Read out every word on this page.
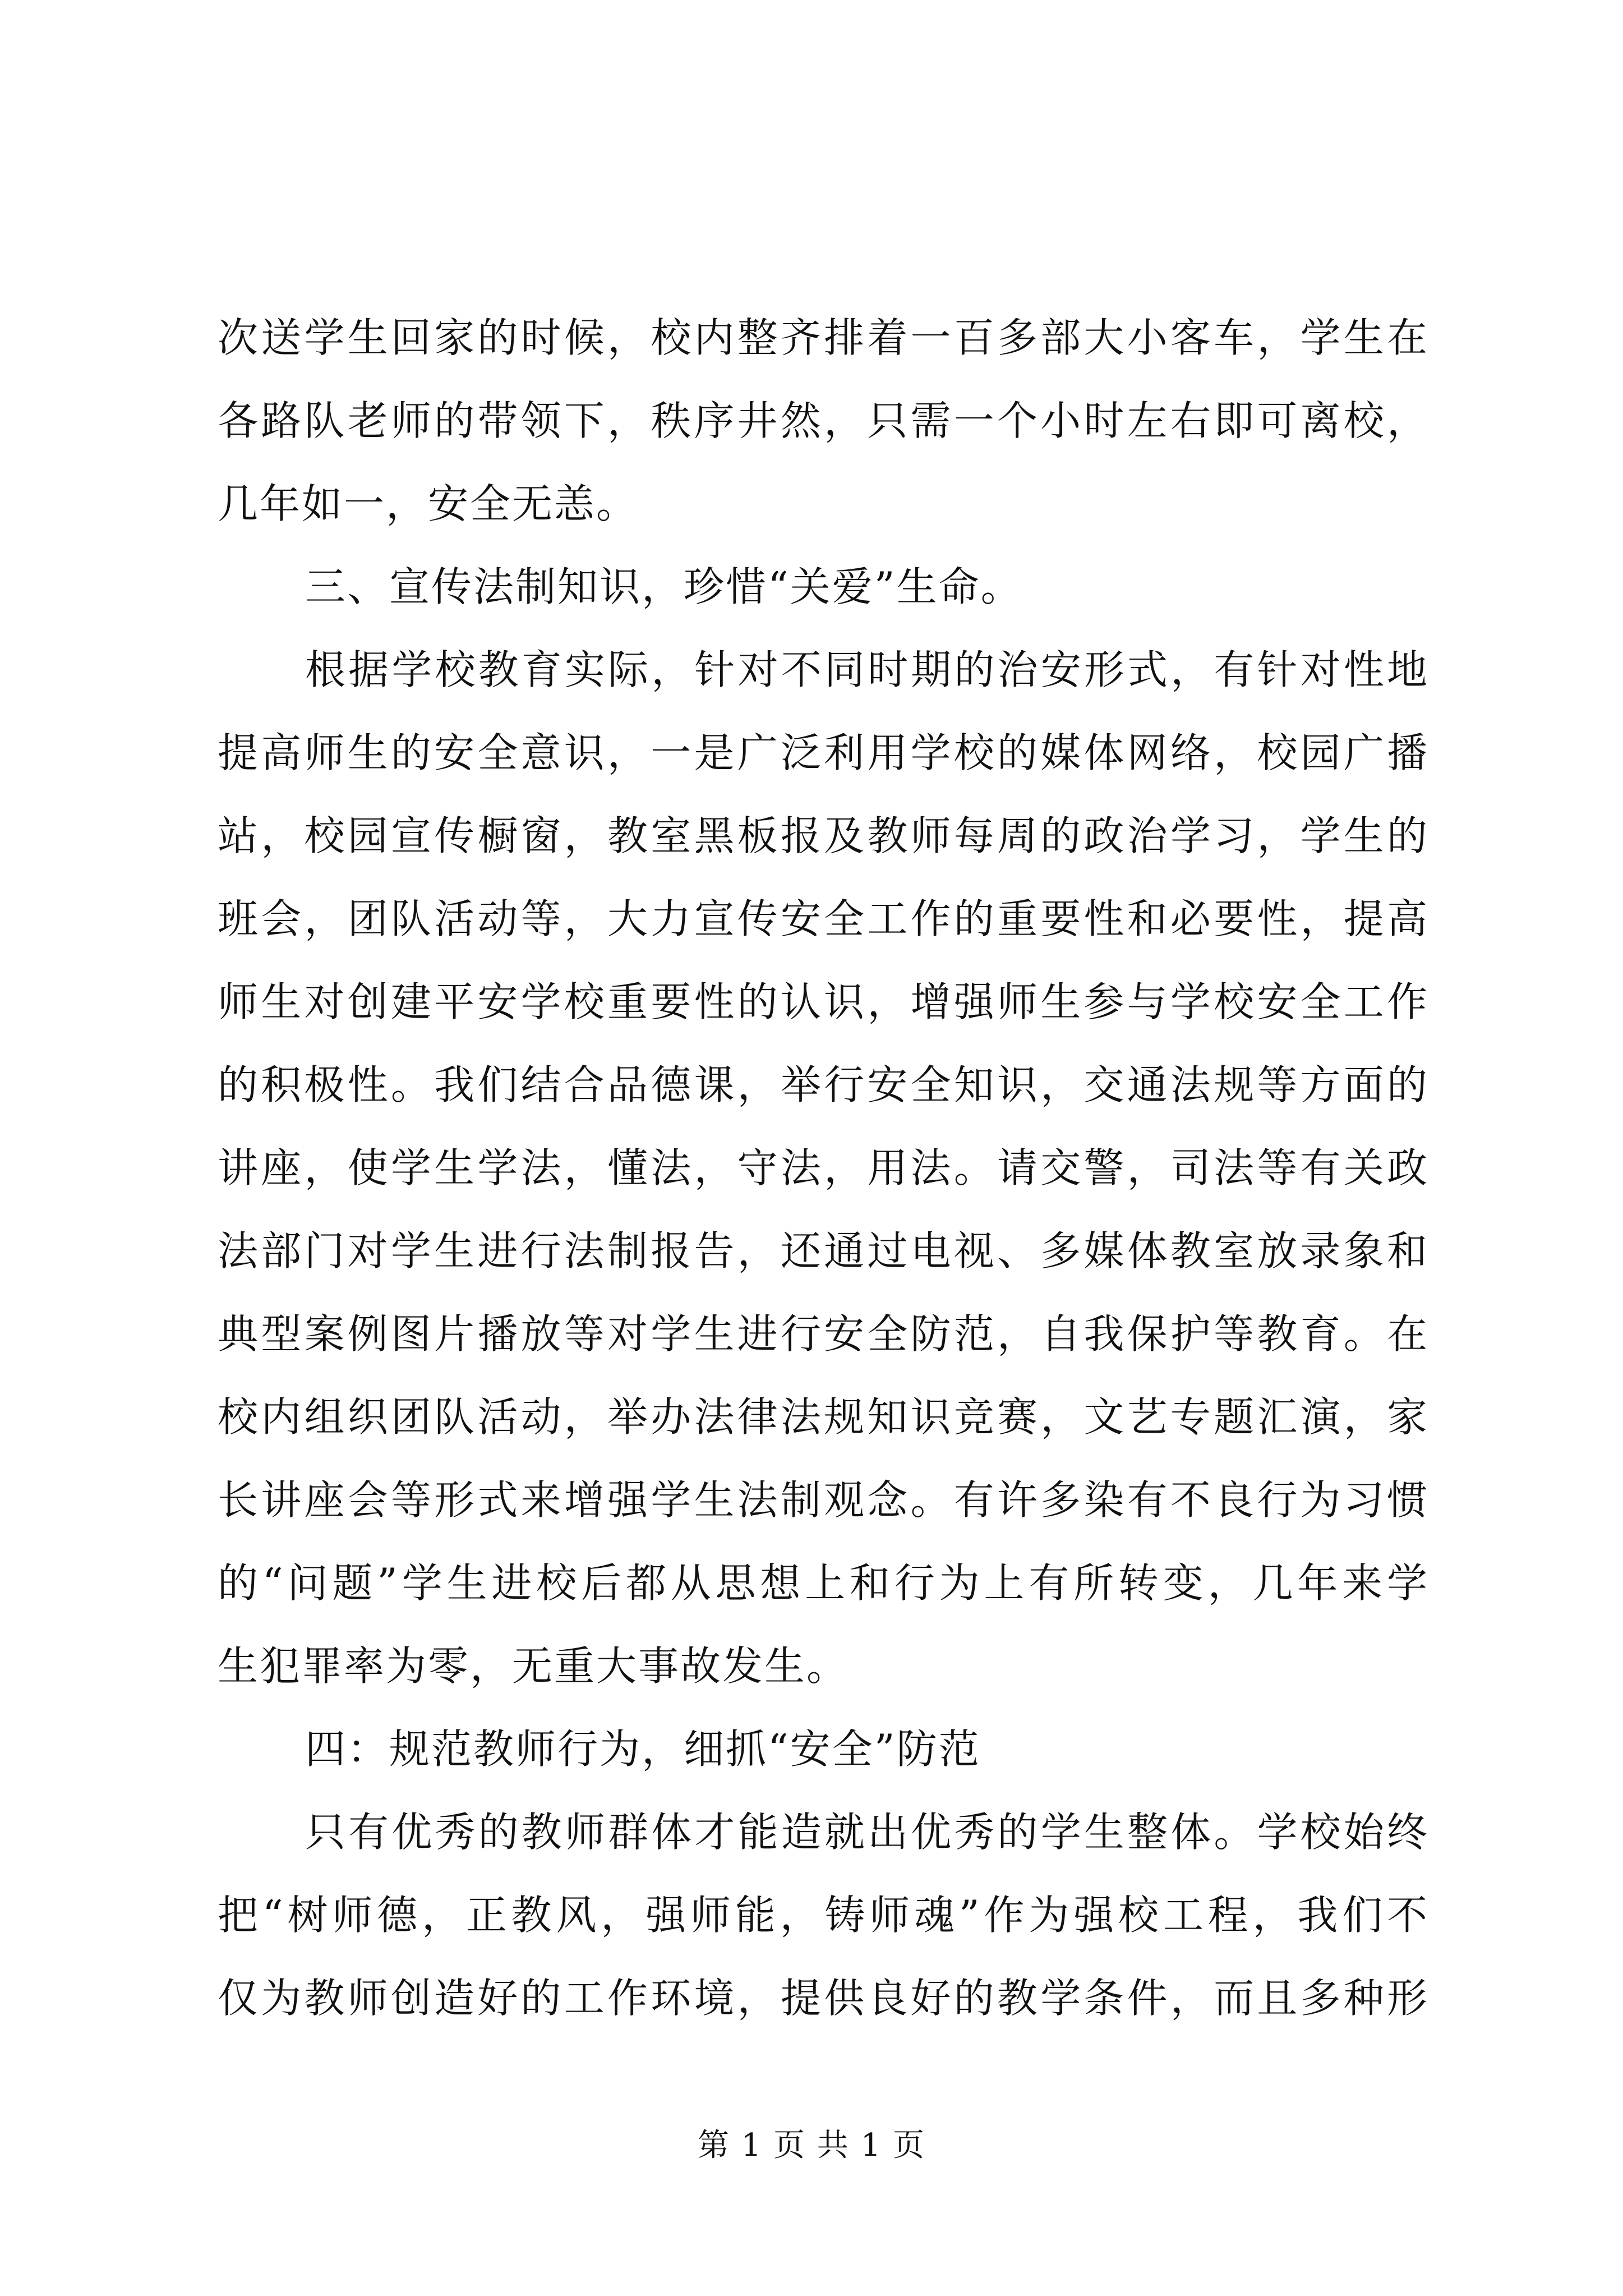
次送学生回家的时候，校内整齐排着一百多部大小客车，学生在
各路队老师的带领下，秩序井然，只需一个小时左右即可离校，
几年如一，安全无恙。
三、宣传法制知识，珍惜“关爱”生命。
根据学校教育实际，针对不同时期的治安形式，有针对性地
提高师生的安全意识，一是广泛利用学校的媒体网络，校园广播
站，校园宣传橱窗，教室黑板报及教师每周的政治学习，学生的
班会，团队活动等，大力宣传安全工作的重要性和必要性，提高
师生对创建平安学校重要性的认识，增强师生参与学校安全工作
的积极性。我们结合品德课，举行安全知识，交通法规等方面的
讲座，使学生学法，懂法，守法，用法。请交警，司法等有关政
法部门对学生进行法制报告，还通过电视、多媒体教室放录象和
典型案例图片播放等对学生进行安全防范，自我保护等教育。在
校内组织团队活动，举办法律法规知识竞赛，文艺专题汇演，家
长讲座会等形式来增强学生法制观念。有许多染有不良行为习惯
的“问题”学生进校后都从思想上和行为上有所转变，几年来学
生犯罪率为零，无重大事故发生。
四：规范教师行为，细抓“安全”防范
只有优秀的教师群体才能造就出优秀的学生整体。学校始终
把“树师德，正教风，强师能，铸师魂”作为强校工程，我们不
仅为教师创造好的工作环境，提供良好的教学条件，而且多种形
第 1 页 共 1 页
